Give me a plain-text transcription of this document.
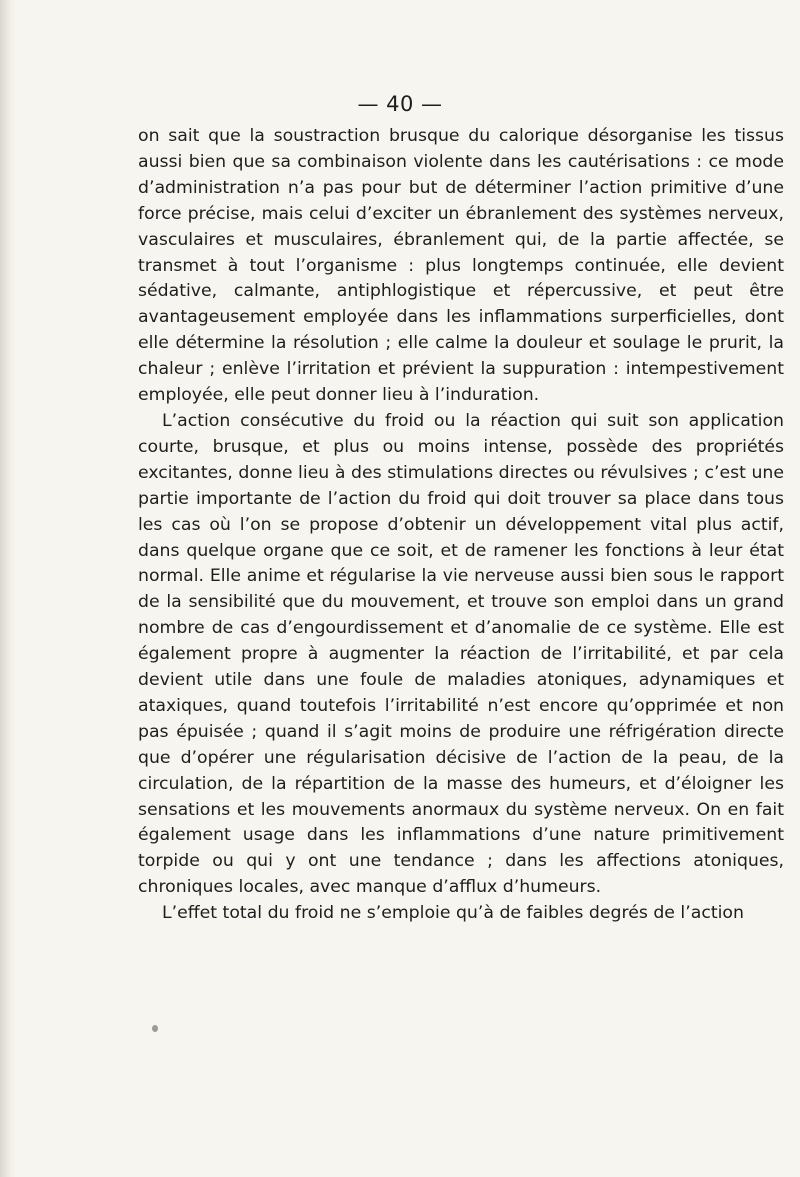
— 40 —

on sait que la soustraction brusque du calorique désorganise les tissus aussi bien que sa combinaison violente dans les cautérisations : ce mode d’administration n’a pas pour but de déterminer l’action primitive d’une force précise, mais celui d’exciter un ébranlement des systèmes nerveux, vasculaires et musculaires, ébranlement qui, de la partie affectée, se transmet à tout l’organisme : plus longtemps continuée, elle devient sédative, calmante, antiphlogistique et répercussive, et peut être avantageusement employée dans les inflammations surperficielles, dont elle détermine la résolution ; elle calme la douleur et soulage le prurit, la chaleur ; enlève l’irritation et prévient la suppuration : intempestivement employée, elle peut donner lieu à l’induration.

L’action consécutive du froid ou la réaction qui suit son application courte, brusque, et plus ou moins intense, possède des propriétés excitantes, donne lieu à des stimulations directes ou révulsives ; c’est une partie importante de l’action du froid qui doit trouver sa place dans tous les cas où l’on se propose d’obtenir un développement vital plus actif, dans quelque organe que ce soit, et de ramener les fonctions à leur état normal. Elle anime et régularise la vie nerveuse aussi bien sous le rapport de la sensibilité que du mouvement, et trouve son emploi dans un grand nombre de cas d’engourdissement et d’anomalie de ce système. Elle est également propre à augmenter la réaction de l’irritabilité, et par cela devient utile dans une foule de maladies atoniques, adynamiques et ataxiques, quand toutefois l’irritabilité n’est encore qu’opprimée et non pas épuisée ; quand il s’agit moins de produire une réfrigération directe que d’opérer une régularisation décisive de l’action de la peau, de la circulation, de la répartition de la masse des humeurs, et d’éloigner les sensations et les mouvements anormaux du système nerveux. On en fait également usage dans les inflammations d’une nature primitivement torpide ou qui y ont une tendance ; dans les affections atoniques, chroniques locales, avec manque d’afflux d’humeurs.

L’effet total du froid ne s’emploie qu’à de faibles degrés de l’action
